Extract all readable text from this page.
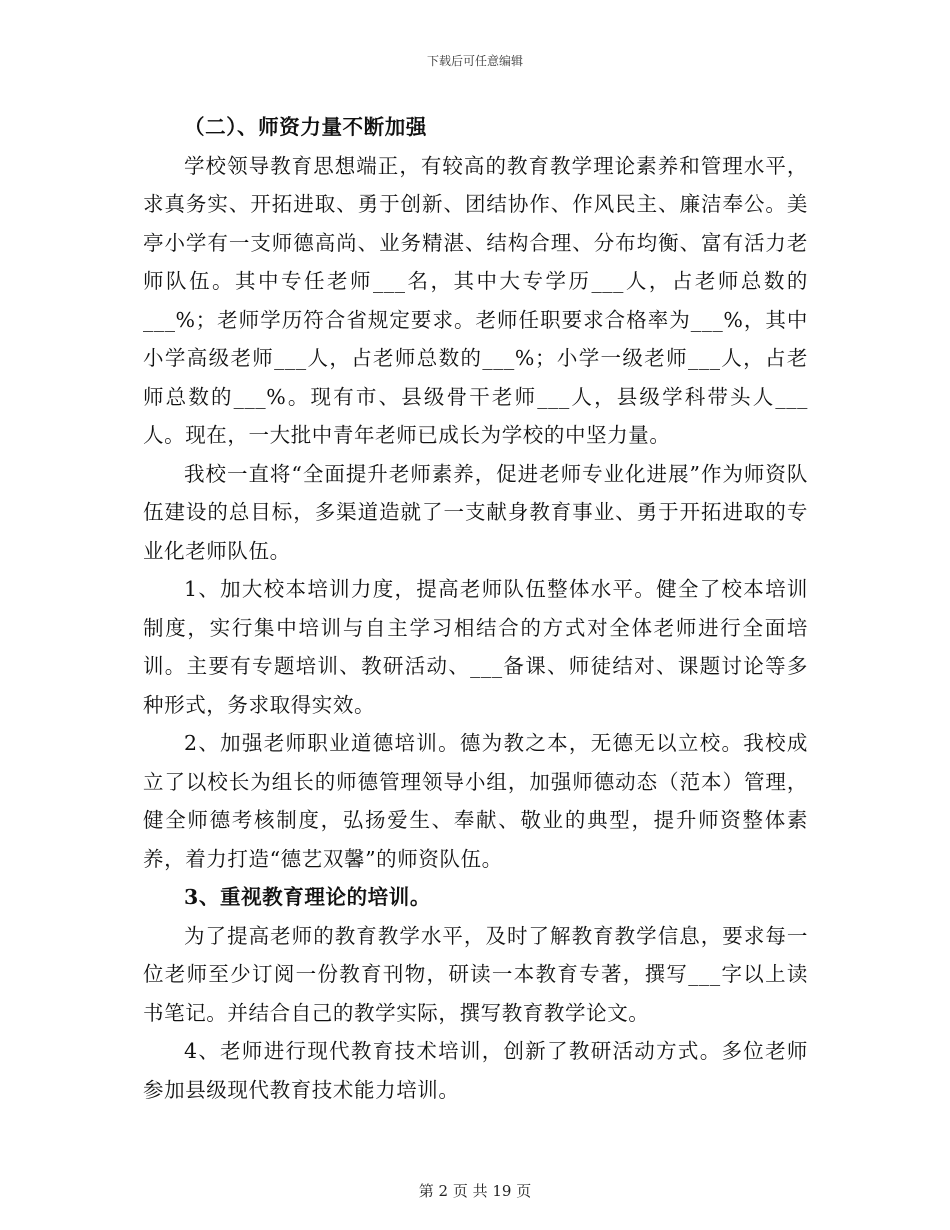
下载后可任意编辑

（二）、师资力量不断加强

学校领导教育思想端正，有较高的教育教学理论素养和管理水平，求真务实、开拓进取、勇于创新、团结协作、作风民主、廉洁奉公。美亭小学有一支师德高尚、业务精湛、结构合理、分布均衡、富有活力老师队伍。其中专任老师___名，其中大专学历___人，占老师总数的___%；老师学历符合省规定要求。老师任职要求合格率为___%，其中小学高级老师___人，占老师总数的___%；小学一级老师___人，占老师总数的___%。现有市、县级骨干老师___人，县级学科带头人___人。现在，一大批中青年老师已成长为学校的中坚力量。

我校一直将“全面提升老师素养，促进老师专业化进展”作为师资队伍建设的总目标，多渠道造就了一支献身教育事业、勇于开拓进取的专业化老师队伍。

1、加大校本培训力度，提高老师队伍整体水平。健全了校本培训制度，实行集中培训与自主学习相结合的方式对全体老师进行全面培训。主要有专题培训、教研活动、___备课、师徒结对、课题讨论等多种形式，务求取得实效。

2、加强老师职业道德培训。德为教之本，无德无以立校。我校成立了以校长为组长的师德管理领导小组，加强师德动态（范本）管理，健全师德考核制度，弘扬爱生、奉献、敬业的典型，提升师资整体素养，着力打造“德艺双馨”的师资队伍。

3、重视教育理论的培训。

为了提高老师的教育教学水平，及时了解教育教学信息，要求每一位老师至少订阅一份教育刊物，研读一本教育专著，撰写___字以上读书笔记。并结合自己的教学实际，撰写教育教学论文。

4、老师进行现代教育技术培训，创新了教研活动方式。多位老师参加县级现代教育技术能力培训。

第 2 页 共 19 页
